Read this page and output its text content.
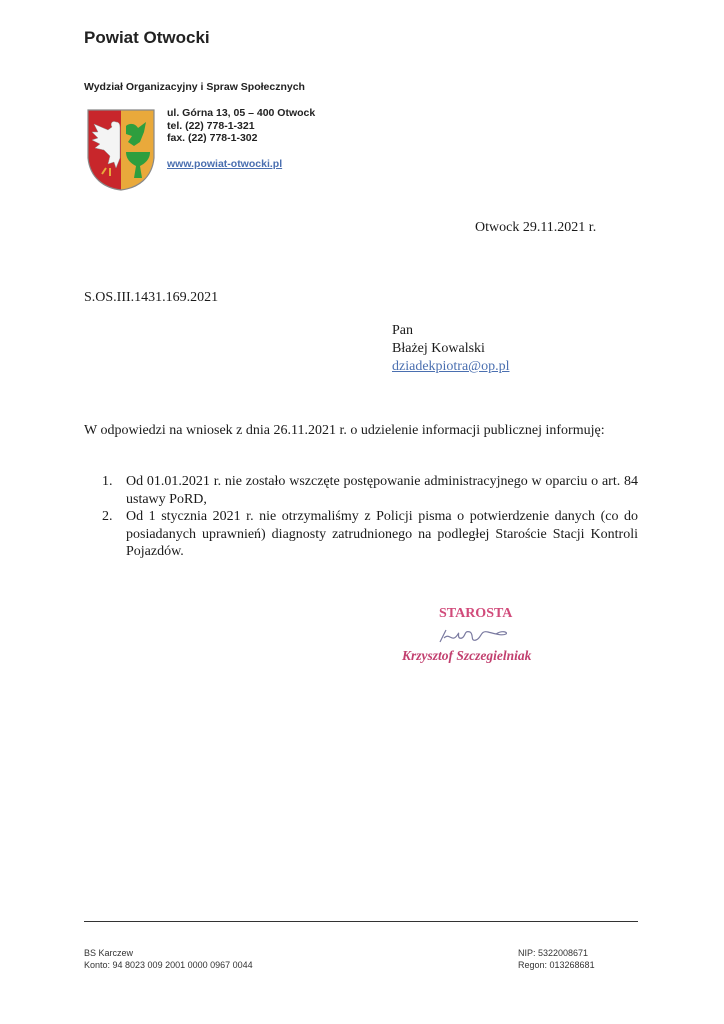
Powiat Otwocki
Wydział Organizacyjny i Spraw Społecznych
ul. Górna 13, 05 – 400 Otwock
tel. (22) 778-1-321
fax. (22) 778-1-302
www.powiat-otwocki.pl
Otwock 29.11.2021 r.
S.OS.III.1431.169.2021
Pan
Błażej Kowalski
dziadekpiotra@op.pl
W odpowiedzi na wniosek z dnia 26.11.2021 r. o udzielenie informacji publicznej informuję:
1. Od 01.01.2021 r. nie zostało wszczęte postępowanie administracyjnego w oparciu o art. 84 ustawy PoRD,
2. Od 1 stycznia 2021 r. nie otrzymaliśmy z Policji pisma o potwierdzenie danych (co do posiadanych uprawnień) diagnosty zatrudnionego na podległej Staroście Stacji Kontroli Pojazdów.
STAROSTA
Krzysztof Szczegielniak
BS Karczew
Konto: 94 8023 009 2001 0000 0967 0044
NIP: 5322008671
Regon: 013268681
